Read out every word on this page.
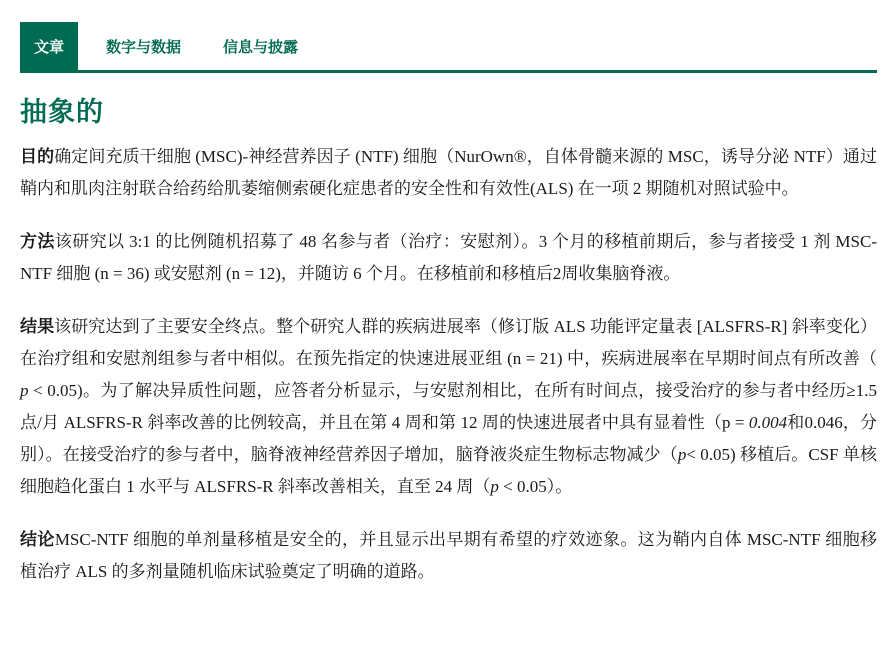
文章	数字与数据	信息与披露
抽象的

目的确定间充质干细胞 (MSC)-神经营养因子 (NTF) 细胞（NurOwn®，自体骨髓来源的 MSC，诱导分泌 NTF）通过鞘内和肌肉注射联合给药给肌萎缩侧索硬化症患者的安全性和有效性(ALS) 在一项 2 期随机对照试验中。

方法该研究以 3:1 的比例随机招募了 48 名参与者（治疗：安慰剂）。3 个月的移植前期后，参与者接受 1 剂 MSC-NTF 细胞 (n = 36) 或安慰剂 (n = 12)，并随访 6 个月。在移植前和移植后2周收集脑脊液。

结果该研究达到了主要安全终点。整个研究人群的疾病进展率（修订版 ALS 功能评定量表 [ALSFRS-R] 斜率变化）在治疗组和安慰剂组参与者中相似。在预先指定的快速进展亚组 (n = 21) 中，疾病进展率在早期时间点有所改善（ p < 0.05)。为了解决异质性问题，应答者分析显示，与安慰剂相比，在所有时间点，接受治疗的参与者中经历≥1.5点/月 ALSFRS-R 斜率改善的比例较高，并且在第 4 周和第 12 周的快速进展者中具有显着性（p = 0.004和0.046，分别）。在接受治疗的参与者中，脑脊液神经营养因子增加，脑脊液炎症生物标志物减少（p< 0.05) 移植后。CSF 单核细胞趋化蛋白 1 水平与 ALSFRS-R 斜率改善相关，直至 24 周（p < 0.05）。

结论MSC-NTF 细胞的单剂量移植是安全的，并且显示出早期有希望的疗效迹象。这为鞘内自体 MSC-NTF 细胞移植治疗 ALS 的多剂量随机临床试验奠定了明确的道路。
